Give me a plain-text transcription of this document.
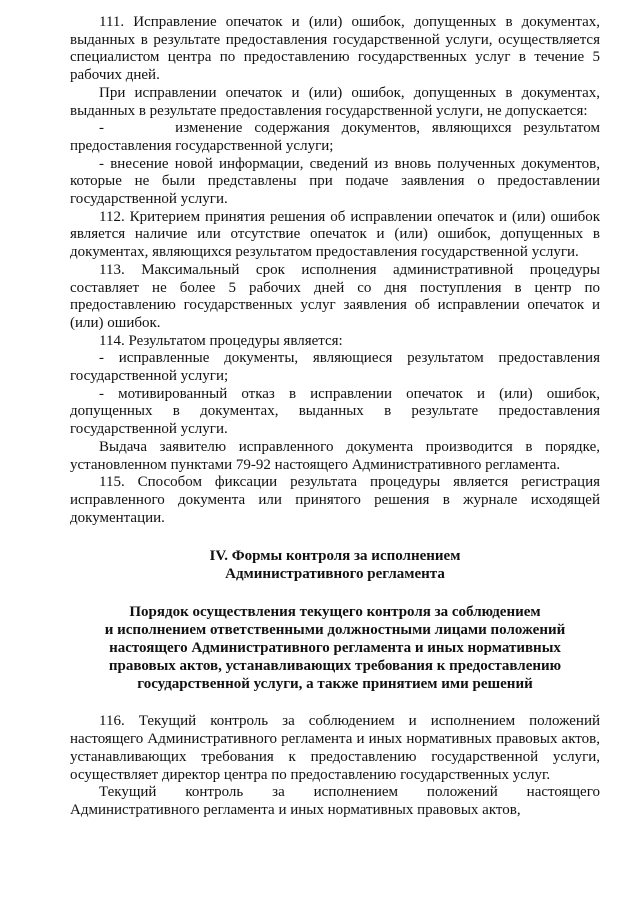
111. Исправление опечаток и (или) ошибок, допущенных в документах, выданных в результате предоставления государственной услуги, осуществляется специалистом центра по предоставлению государственных услуг в течение 5 рабочих дней.

При исправлении опечаток и (или) ошибок, допущенных в документах, выданных в результате предоставления государственной услуги, не допускается:

-      изменение содержания документов, являющихся результатом предоставления государственной услуги;

- внесение новой информации, сведений из вновь полученных документов, которые не были представлены при подаче заявления о предоставлении государственной услуги.

112. Критерием принятия решения об исправлении опечаток и (или) ошибок является наличие или отсутствие опечаток и (или) ошибок, допущенных в документах, являющихся результатом предоставления государственной услуги.

113. Максимальный срок исполнения административной процедуры составляет не более 5 рабочих дней со дня поступления в центр по предоставлению государственных услуг заявления об исправлении опечаток и (или) ошибок.

114. Результатом процедуры является:

- исправленные документы, являющиеся результатом предоставления государственной услуги;

- мотивированный отказ в исправлении опечаток и (или) ошибок, допущенных в документах, выданных в результате предоставления государственной услуги.

Выдача заявителю исправленного документа производится в порядке, установленном пунктами 79-92 настоящего Административного регламента.

115. Способом фиксации результата процедуры является регистрация исправленного документа или принятого решения в журнале исходящей документации.

IV. Формы контроля за исполнением
Административного регламента
Порядок осуществления текущего контроля за соблюдением
и исполнением ответственными должностными лицами положений
настоящего Административного регламента и иных нормативных
правовых актов, устанавливающих требования к предоставлению
государственной услуги, а также принятием ими решений

116. Текущий контроль за соблюдением и исполнением положений настоящего Административного регламента и иных нормативных правовых актов, устанавливающих требования к предоставлению государственной услуги, осуществляет директор центра по предоставлению государственных услуг.

Текущий контроль за исполнением положений настоящего Административного регламента и иных нормативных правовых актов,
